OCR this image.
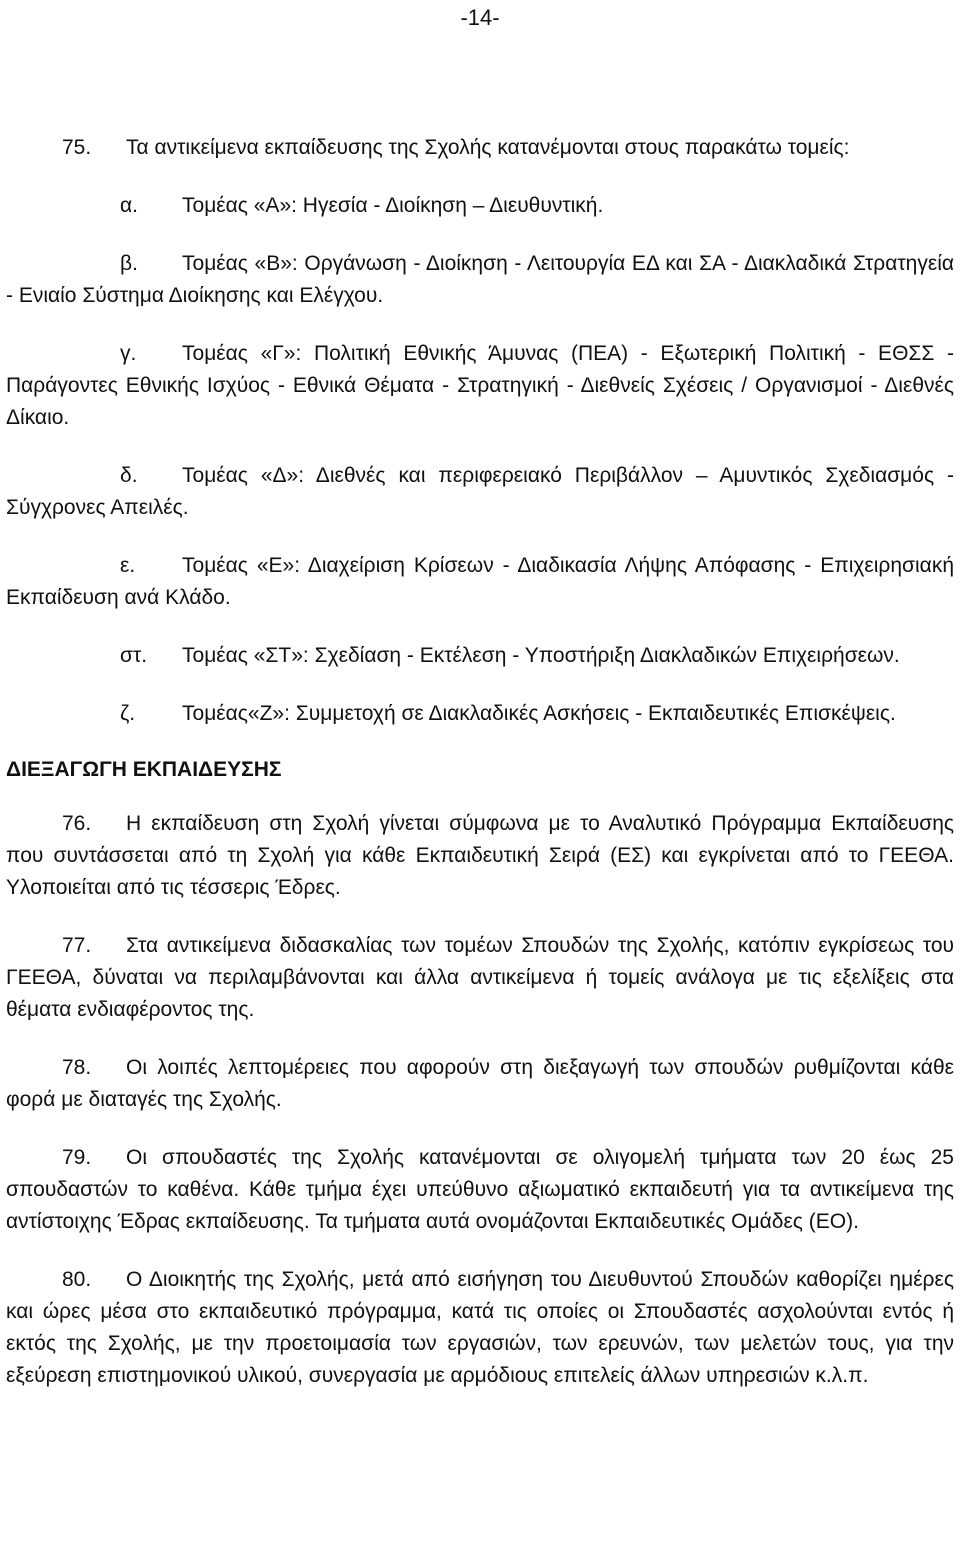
-14-

75. Τα αντικείμενα εκπαίδευσης της Σχολής κατανέμονται στους παρακάτω τομείς:

α. Τομέας «Α»: Ηγεσία - Διοίκηση – Διευθυντική.

β. Τομέας «Β»: Οργάνωση - Διοίκηση - Λειτουργία ΕΔ και ΣΑ - Διακλαδικά Στρατηγεία - Ενιαίο Σύστημα Διοίκησης και Ελέγχου.

γ. Τομέας «Γ»: Πολιτική Εθνικής Άμυνας (ΠΕΑ) - Εξωτερική Πολιτική - ΕΘΣΣ - Παράγοντες Εθνικής Ισχύος - Εθνικά Θέματα - Στρατηγική - Διεθνείς Σχέσεις / Οργανισμοί - Διεθνές Δίκαιο.

δ. Τομέας «Δ»: Διεθνές και περιφερειακό Περιβάλλον – Αμυντικός Σχεδιασμός - Σύγχρονες Απειλές.

ε. Τομέας «Ε»: Διαχείριση Κρίσεων - Διαδικασία Λήψης Απόφασης - Επιχειρησιακή Εκπαίδευση ανά Κλάδο.

στ. Τομέας «ΣΤ»: Σχεδίαση - Εκτέλεση - Υποστήριξη Διακλαδικών Επιχειρήσεων.

ζ. Τομέας«Ζ»: Συμμετοχή σε Διακλαδικές Ασκήσεις - Εκπαιδευτικές Επισκέψεις.

ΔΙΕΞΑΓΩΓΗ ΕΚΠΑΙΔΕΥΣΗΣ

76. Η εκπαίδευση στη Σχολή γίνεται σύμφωνα με το Αναλυτικό Πρόγραμμα Εκπαίδευσης που συντάσσεται από τη Σχολή για κάθε Εκπαιδευτική Σειρά (ΕΣ) και εγκρίνεται από το ΓΕΕΘΑ. Υλοποιείται από τις τέσσερις Έδρες.

77. Στα αντικείμενα διδασκαλίας των τομέων Σπουδών της Σχολής, κατόπιν εγκρίσεως του ΓΕΕΘΑ, δύναται να περιλαμβάνονται και άλλα αντικείμενα ή τομείς ανάλογα με τις εξελίξεις στα θέματα ενδιαφέροντος της.

78. Οι λοιπές λεπτομέρειες που αφορούν στη διεξαγωγή των σπουδών ρυθμίζονται κάθε φορά με διαταγές της Σχολής.

79. Οι σπουδαστές της Σχολής κατανέμονται σε ολιγομελή τμήματα των 20 έως 25 σπουδαστών το καθένα. Κάθε τμήμα έχει υπεύθυνο αξιωματικό εκπαιδευτή για τα αντικείμενα της αντίστοιχης Έδρας εκπαίδευσης. Τα τμήματα αυτά ονομάζονται Εκπαιδευτικές Ομάδες (ΕΟ).

80. Ο Διοικητής της Σχολής, μετά από εισήγηση του Διευθυντού Σπουδών καθορίζει ημέρες και ώρες μέσα στο εκπαιδευτικό πρόγραμμα, κατά τις οποίες οι Σπουδαστές ασχολούνται εντός ή εκτός της Σχολής, με την προετοιμασία των εργασιών, των ερευνών, των μελετών τους, για την εξεύρεση επιστημονικού υλικού, συνεργασία με αρμόδιους επιτελείς άλλων υπηρεσιών κ.λ.π.
